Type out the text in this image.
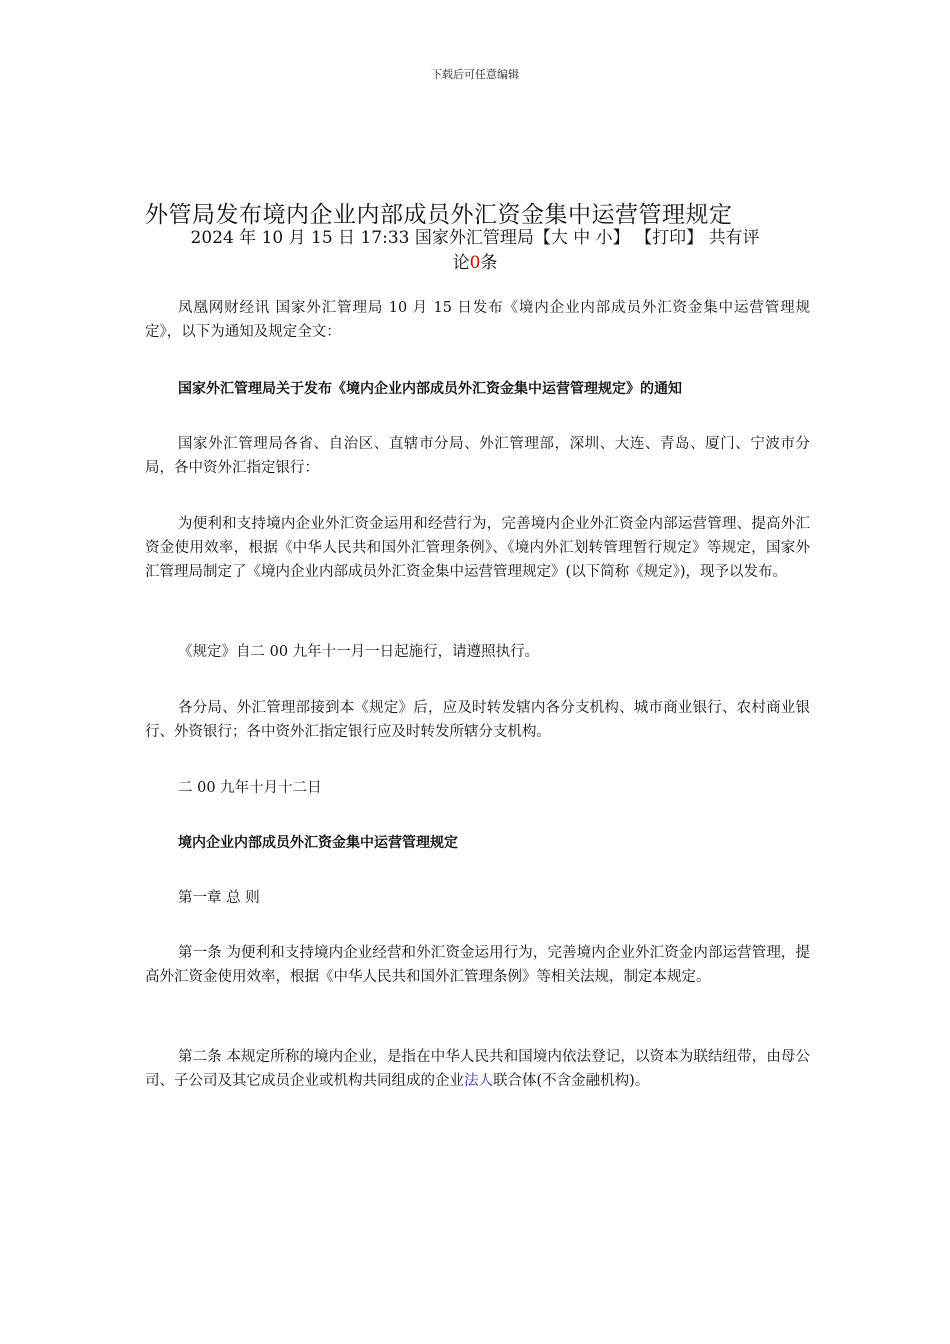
下载后可任意编辑
外管局发布境内企业内部成员外汇资金集中运营管理规定
2024 年 10 月 15 日 17:33 国家外汇管理局【大 中 小】 【打印】 共有评
论0条

凤凰网财经讯 国家外汇管理局 10 月 15 日发布《境内企业内部成员外汇资金集中运营管理规定》，以下为通知及规定全文：

国家外汇管理局关于发布《境内企业内部成员外汇资金集中运营管理规定》的通知

国家外汇管理局各省、自治区、直辖市分局、外汇管理部，深圳、大连、青岛、厦门、宁波市分局，各中资外汇指定银行：

为便利和支持境内企业外汇资金运用和经营行为，完善境内企业外汇资金内部运营管理、提高外汇资金使用效率，根据《中华人民共和国外汇管理条例》、《境内外汇划转管理暂行规定》等规定，国家外汇管理局制定了《境内企业内部成员外汇资金集中运营管理规定》(以下简称《规定》)，现予以发布。

《规定》自二 00 九年十一月一日起施行，请遵照执行。

各分局、外汇管理部接到本《规定》后，应及时转发辖内各分支机构、城市商业银行、农村商业银行、外资银行；各中资外汇指定银行应及时转发所辖分支机构。

二 00 九年十月十二日

境内企业内部成员外汇资金集中运营管理规定

第一章 总 则

第一条 为便利和支持境内企业经营和外汇资金运用行为，完善境内企业外汇资金内部运营管理，提高外汇资金使用效率，根据《中华人民共和国外汇管理条例》等相关法规，制定本规定。

第二条 本规定所称的境内企业，是指在中华人民共和国境内依法登记，以资本为联结纽带，由母公司、子公司及其它成员企业或机构共同组成的企业法人联合体(不含金融机构)。
